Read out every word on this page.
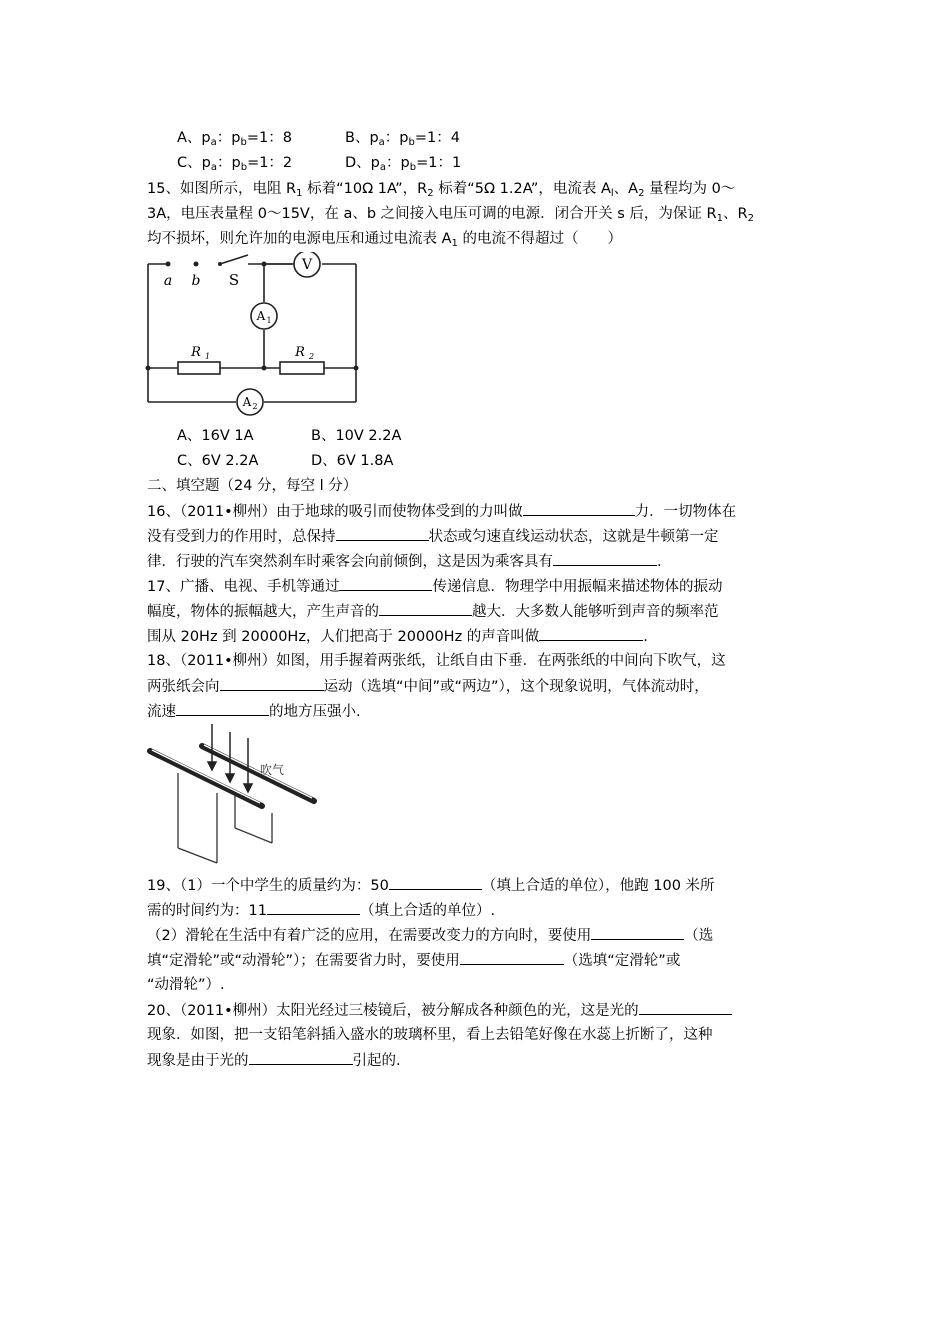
A、$p_a$：$p_b=1$：8	B、$p_a$：$p_b=1$：4
C、$p_a$：$p_b=1$：2	D、$p_a$：$p_b=1$：1
15、如图所示，电阻 $R_1$ 标着“10Ω 1A”，$R_2$ 标着“5Ω 1.2A”，电流表 $A_l$、$A_2$ 量程均为 0～
3A，电压表量程 0～15V，在 a、b 之间接入电压可调的电源．闭合开关 s 后，为保证 $R_1$、$R_2$
均不损坏，则允许加的电源电压和通过电流表 $A_1$ 的电流不得超过（　　）
V
A 1
R 1	R 2
A 2
a b S
A、16V 1A	B、10V 2.2A
C、6V 2.2A	D、6V 1.8A
二、填空题（24 分，每空 l 分）
16、（2011•柳州）由于地球的吸引而使物体受到的力叫做	力．一切物体在
没有受到力的作用时，总保持	状态或匀速直线运动状态，这就是牛顿第一定
律．行驶的汽车突然刹车时乘客会向前倾倒，这是因为乘客具有	.
17、广播、电视、手机等通过	传递信息．物理学中用振幅来描述物体的振动
幅度，物体的振幅越大，产生声音的	越大．大多数人能够听到声音的频率范
围从 20Hz 到 20000Hz，人们把高于 20000Hz 的声音叫做	.
18、（2011•柳州）如图，用手握着两张纸，让纸自由下垂．在两张纸的中间向下吹气，这
两张纸会向	运动（选填“中间”或“两边”），这个现象说明，气体流动时，
流速	的地方压强小.
吹气
19、（1）一个中学生的质量约为：50	（填上合适的单位），他跑 100 米所
需的时间约为：11	（填上合适的单位）.
（2）滑轮在生活中有着广泛的应用，在需要改变力的方向时，要使用	（选
填“定滑轮”或“动滑轮”）；在需要省力时，要使用	（选填“定滑轮”或
“动滑轮”）.
20、（2011•柳州）太阳光经过三棱镜后，被分解成各种颜色的光，这是光的
现象．如图，把一支铅笔斜插入盛水的玻璃杯里，看上去铅笔好像在水蕊上折断了，这种
现象是由于光的	引起的.
